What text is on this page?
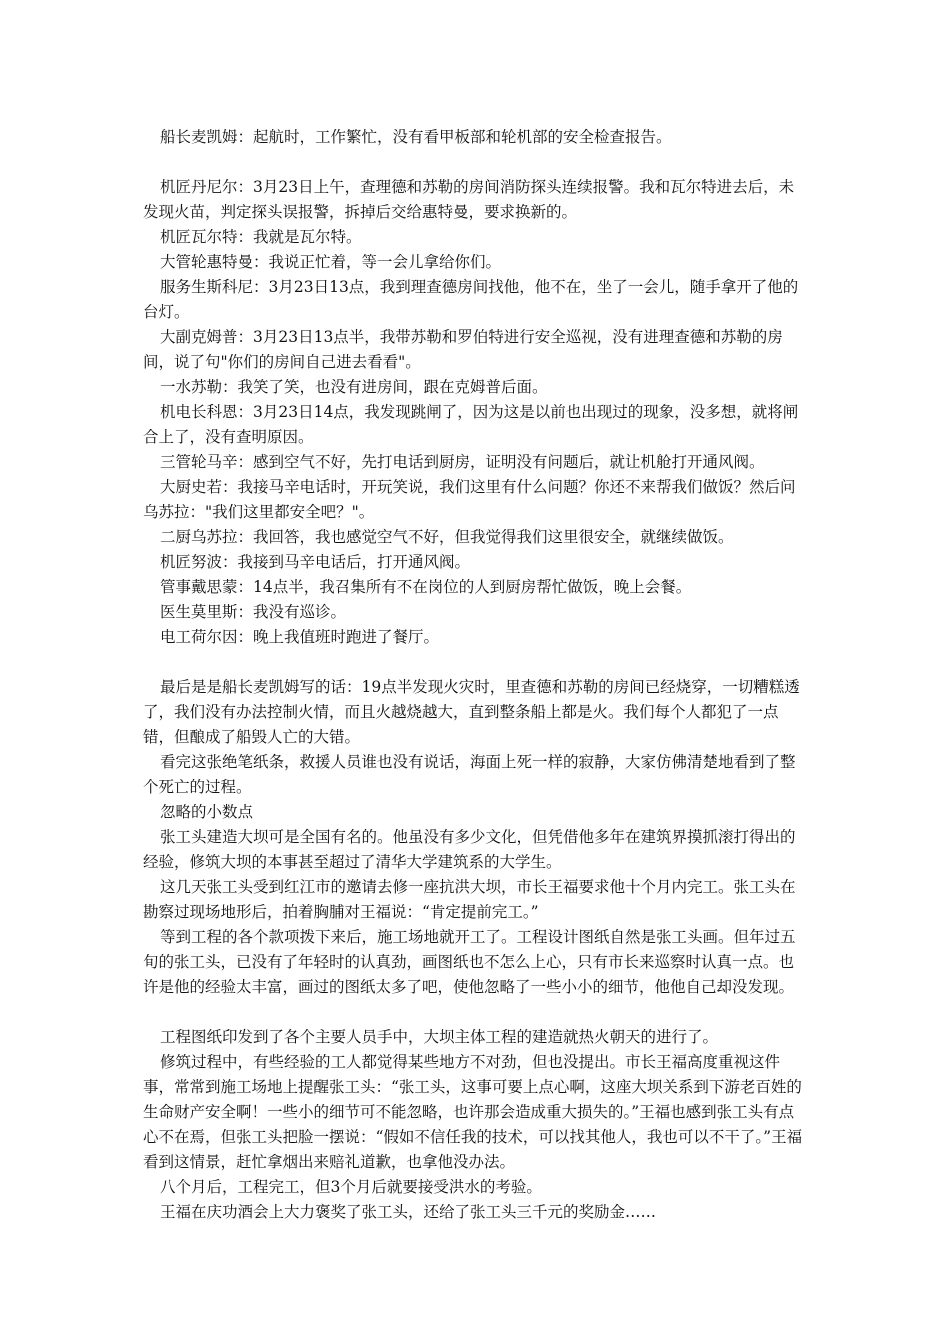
船长麦凯姆：起航时，工作繁忙，没有看甲板部和轮机部的安全检查报告。

机匠丹尼尔：3月23日上午，查理德和苏勒的房间消防探头连续报警。我和瓦尔特进去后，未发现火苗，判定探头误报警，拆掉后交给惠特曼，要求换新的。

机匠瓦尔特：我就是瓦尔特。

大管轮惠特曼：我说正忙着，等一会儿拿给你们。

服务生斯科尼：3月23日13点，我到理查德房间找他，他不在，坐了一会儿，随手拿开了他的台灯。

大副克姆普：3月23日13点半，我带苏勒和罗伯特进行安全巡视，没有进理查德和苏勒的房间，说了句"你们的房间自己进去看看"。

一水苏勒：我笑了笑，也没有进房间，跟在克姆普后面。

机电长科恩：3月23日14点，我发现跳闸了，因为这是以前也出现过的现象，没多想，就将闸合上了，没有查明原因。

三管轮马辛：感到空气不好，先打电话到厨房，证明没有问题后，就让机舱打开通风阀。

大厨史若：我接马辛电话时，开玩笑说，我们这里有什么问题？你还不来帮我们做饭？然后问乌苏拉："我们这里都安全吧？"。

二厨乌苏拉：我回答，我也感觉空气不好，但我觉得我们这里很安全，就继续做饭。

机匠努波：我接到马辛电话后，打开通风阀。

管事戴思蒙：14点半，我召集所有不在岗位的人到厨房帮忙做饭，晚上会餐。

医生莫里斯：我没有巡诊。

电工荷尔因：晚上我值班时跑进了餐厅。

最后是是船长麦凯姆写的话：19点半发现火灾时，里查德和苏勒的房间已经烧穿，一切糟糕透了，我们没有办法控制火情，而且火越烧越大，直到整条船上都是火。我们每个人都犯了一点错，但酿成了船毁人亡的大错。

看完这张绝笔纸条，救援人员谁也没有说话，海面上死一样的寂静，大家仿佛清楚地看到了整个死亡的过程。

忽略的小数点

张工头建造大坝可是全国有名的。他虽没有多少文化，但凭借他多年在建筑界摸抓滚打得出的经验，修筑大坝的本事甚至超过了清华大学建筑系的大学生。

这几天张工头受到红江市的邀请去修一座抗洪大坝，市长王福要求他十个月内完工。张工头在勘察过现场地形后，拍着胸脯对王福说：“肯定提前完工。”

等到工程的各个款项拨下来后，施工场地就开工了。工程设计图纸自然是张工头画。但年过五旬的张工头，已没有了年轻时的认真劲，画图纸也不怎么上心，只有市长来巡察时认真一点。也许是他的经验太丰富，画过的图纸太多了吧，使他忽略了一些小小的细节，他他自己却没发现。

工程图纸印发到了各个主要人员手中，大坝主体工程的建造就热火朝天的进行了。

修筑过程中，有些经验的工人都觉得某些地方不对劲，但也没提出。市长王福高度重视这件事，常常到施工场地上提醒张工头：“张工头，这事可要上点心啊，这座大坝关系到下游老百姓的生命财产安全啊！一些小的细节可不能忽略，也许那会造成重大损失的。”王福也感到张工头有点心不在焉，但张工头把脸一摆说：“假如不信任我的技术，可以找其他人，我也可以不干了。”王福看到这情景，赶忙拿烟出来赔礼道歉，也拿他没办法。

八个月后，工程完工，但3个月后就要接受洪水的考验。

王福在庆功酒会上大力褒奖了张工头，还给了张工头三千元的奖励金……
